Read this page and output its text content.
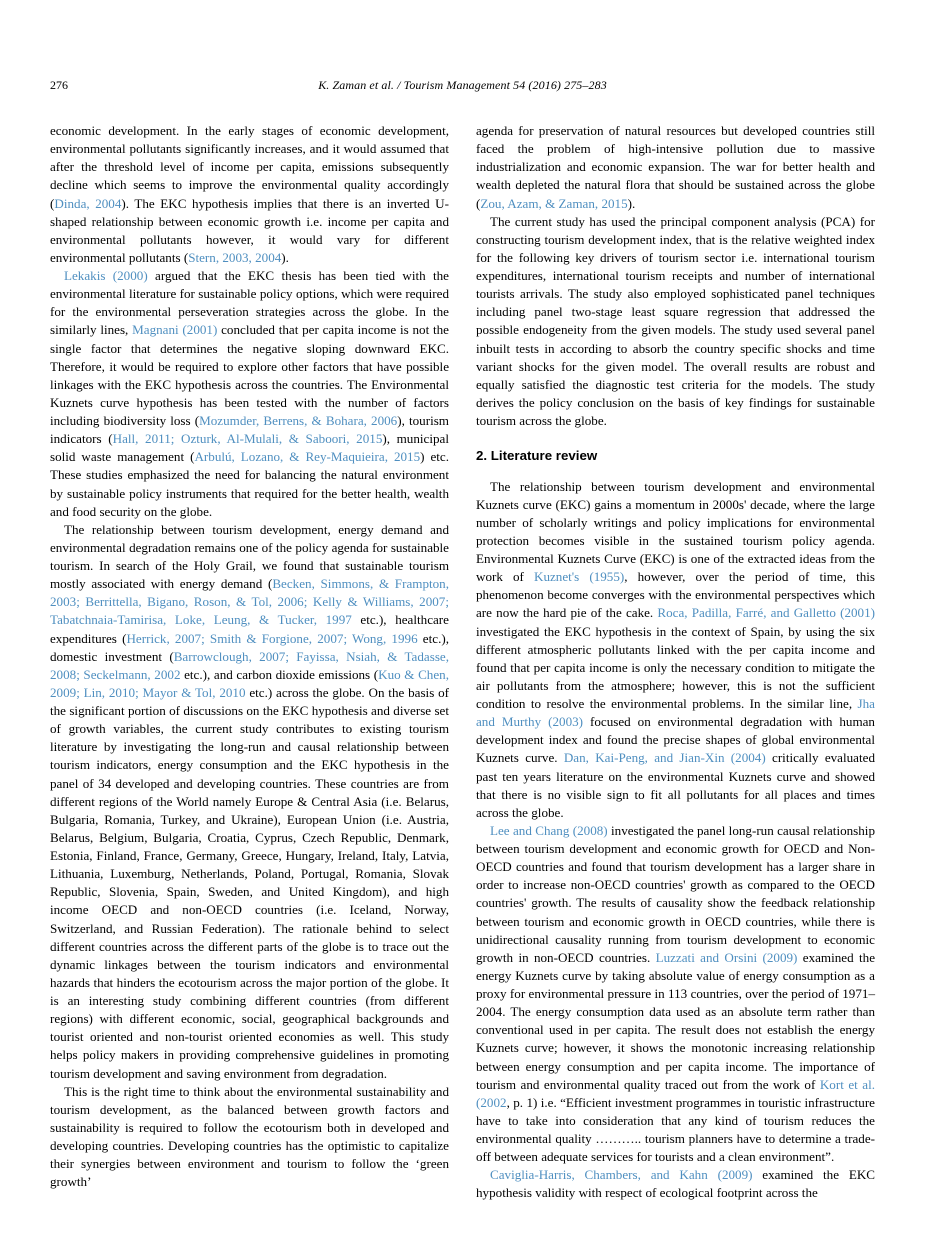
276	K. Zaman et al. / Tourism Management 54 (2016) 275–283

economic development. In the early stages of economic development, environmental pollutants significantly increases, and it would assumed that after the threshold level of income per capita, emissions subsequently decline which seems to improve the environmental quality accordingly (Dinda, 2004). The EKC hypothesis implies that there is an inverted U-shaped relationship between economic growth i.e. income per capita and environmental pollutants however, it would vary for different environmental pollutants (Stern, 2003, 2004).

Lekakis (2000) argued that the EKC thesis has been tied with the environmental literature for sustainable policy options, which were required for the environmental perseveration strategies across the globe. In the similarly lines, Magnani (2001) concluded that per capita income is not the single factor that determines the negative sloping downward EKC. Therefore, it would be required to explore other factors that have possible linkages with the EKC hypothesis across the countries. The Environmental Kuznets curve hypothesis has been tested with the number of factors including biodiversity loss (Mozumder, Berrens, & Bohara, 2006), tourism indicators (Hall, 2011; Ozturk, Al-Mulali, & Saboori, 2015), municipal solid waste management (Arbulú, Lozano, & Rey-Maquieira, 2015) etc. These studies emphasized the need for balancing the natural environment by sustainable policy instruments that required for the better health, wealth and food security on the globe.

The relationship between tourism development, energy demand and environmental degradation remains one of the policy agenda for sustainable tourism. In search of the Holy Grail, we found that sustainable tourism mostly associated with energy demand (Becken, Simmons, & Frampton, 2003; Berrittella, Bigano, Roson, & Tol, 2006; Kelly & Williams, 2007; Tabatchnaia-Tamirisa, Loke, Leung, & Tucker, 1997 etc.), healthcare expenditures (Herrick, 2007; Smith & Forgione, 2007; Wong, 1996 etc.), domestic investment (Barrowclough, 2007; Fayissa, Nsiah, & Tadasse, 2008; Seckelmann, 2002 etc.), and carbon dioxide emissions (Kuo & Chen, 2009; Lin, 2010; Mayor & Tol, 2010 etc.) across the globe. On the basis of the significant portion of discussions on the EKC hypothesis and diverse set of growth variables, the current study contributes to existing tourism literature by investigating the long-run and causal relationship between tourism indicators, energy consumption and the EKC hypothesis in the panel of 34 developed and developing countries. These countries are from different regions of the World namely Europe & Central Asia (i.e. Belarus, Bulgaria, Romania, Turkey, and Ukraine), European Union (i.e. Austria, Belarus, Belgium, Bulgaria, Croatia, Cyprus, Czech Republic, Denmark, Estonia, Finland, France, Germany, Greece, Hungary, Ireland, Italy, Latvia, Lithuania, Luxemburg, Netherlands, Poland, Portugal, Romania, Slovak Republic, Slovenia, Spain, Sweden, and United Kingdom), and high income OECD and non-OECD countries (i.e. Iceland, Norway, Switzerland, and Russian Federation). The rationale behind to select different countries across the different parts of the globe is to trace out the dynamic linkages between the tourism indicators and environmental hazards that hinders the ecotourism across the major portion of the globe. It is an interesting study combining different countries (from different regions) with different economic, social, geographical backgrounds and tourist oriented and non-tourist oriented economies as well. This study helps policy makers in providing comprehensive guidelines in promoting tourism development and saving environment from degradation.

This is the right time to think about the environmental sustainability and tourism development, as the balanced between growth factors and sustainability is required to follow the ecotourism both in developed and developing countries. Developing countries has the optimistic to capitalize their synergies between environment and tourism to follow the ‘green growth’

agenda for preservation of natural resources but developed countries still faced the problem of high-intensive pollution due to massive industrialization and economic expansion. The war for better health and wealth depleted the natural flora that should be sustained across the globe (Zou, Azam, & Zaman, 2015).

The current study has used the principal component analysis (PCA) for constructing tourism development index, that is the relative weighted index for the following key drivers of tourism sector i.e. international tourism expenditures, international tourism receipts and number of international tourists arrivals. The study also employed sophisticated panel techniques including panel two-stage least square regression that addressed the possible endogeneity from the given models. The study used several panel inbuilt tests in according to absorb the country specific shocks and time variant shocks for the given model. The overall results are robust and equally satisfied the diagnostic test criteria for the models. The study derives the policy conclusion on the basis of key findings for sustainable tourism across the globe.

2. Literature review

The relationship between tourism development and environmental Kuznets curve (EKC) gains a momentum in 2000s' decade, where the large number of scholarly writings and policy implications for environmental protection becomes visible in the sustained tourism policy agenda. Environmental Kuznets Curve (EKC) is one of the extracted ideas from the work of Kuznet's (1955), however, over the period of time, this phenomenon become converges with the environmental perspectives which are now the hard pie of the cake. Roca, Padilla, Farré, and Galletto (2001) investigated the EKC hypothesis in the context of Spain, by using the six different atmospheric pollutants linked with the per capita income and found that per capita income is only the necessary condition to mitigate the air pollutants from the atmosphere; however, this is not the sufficient condition to resolve the environmental problems. In the similar line, Jha and Murthy (2003) focused on environmental degradation with human development index and found the precise shapes of global environmental Kuznets curve. Dan, Kai-Peng, and Jian-Xin (2004) critically evaluated past ten years literature on the environmental Kuznets curve and showed that there is no visible sign to fit all pollutants for all places and times across the globe.

Lee and Chang (2008) investigated the panel long-run causal relationship between tourism development and economic growth for OECD and Non-OECD countries and found that tourism development has a larger share in order to increase non-OECD countries' growth as compared to the OECD countries' growth. The results of causality show the feedback relationship between tourism and economic growth in OECD countries, while there is unidirectional causality running from tourism development to economic growth in non-OECD countries. Luzzati and Orsini (2009) examined the energy Kuznets curve by taking absolute value of energy consumption as a proxy for environmental pressure in 113 countries, over the period of 1971–2004. The energy consumption data used as an absolute term rather than conventional used in per capita. The result does not establish the energy Kuznets curve; however, it shows the monotonic increasing relationship between energy consumption and per capita income. The importance of tourism and environmental quality traced out from the work of Kort et al. (2002, p. 1) i.e. “Efficient investment programmes in touristic infrastructure have to take into consideration that any kind of tourism reduces the environmental quality ……….. tourism planners have to determine a trade-off between adequate services for tourists and a clean environment”.

Caviglia-Harris, Chambers, and Kahn (2009) examined the EKC hypothesis validity with respect of ecological footprint across the
